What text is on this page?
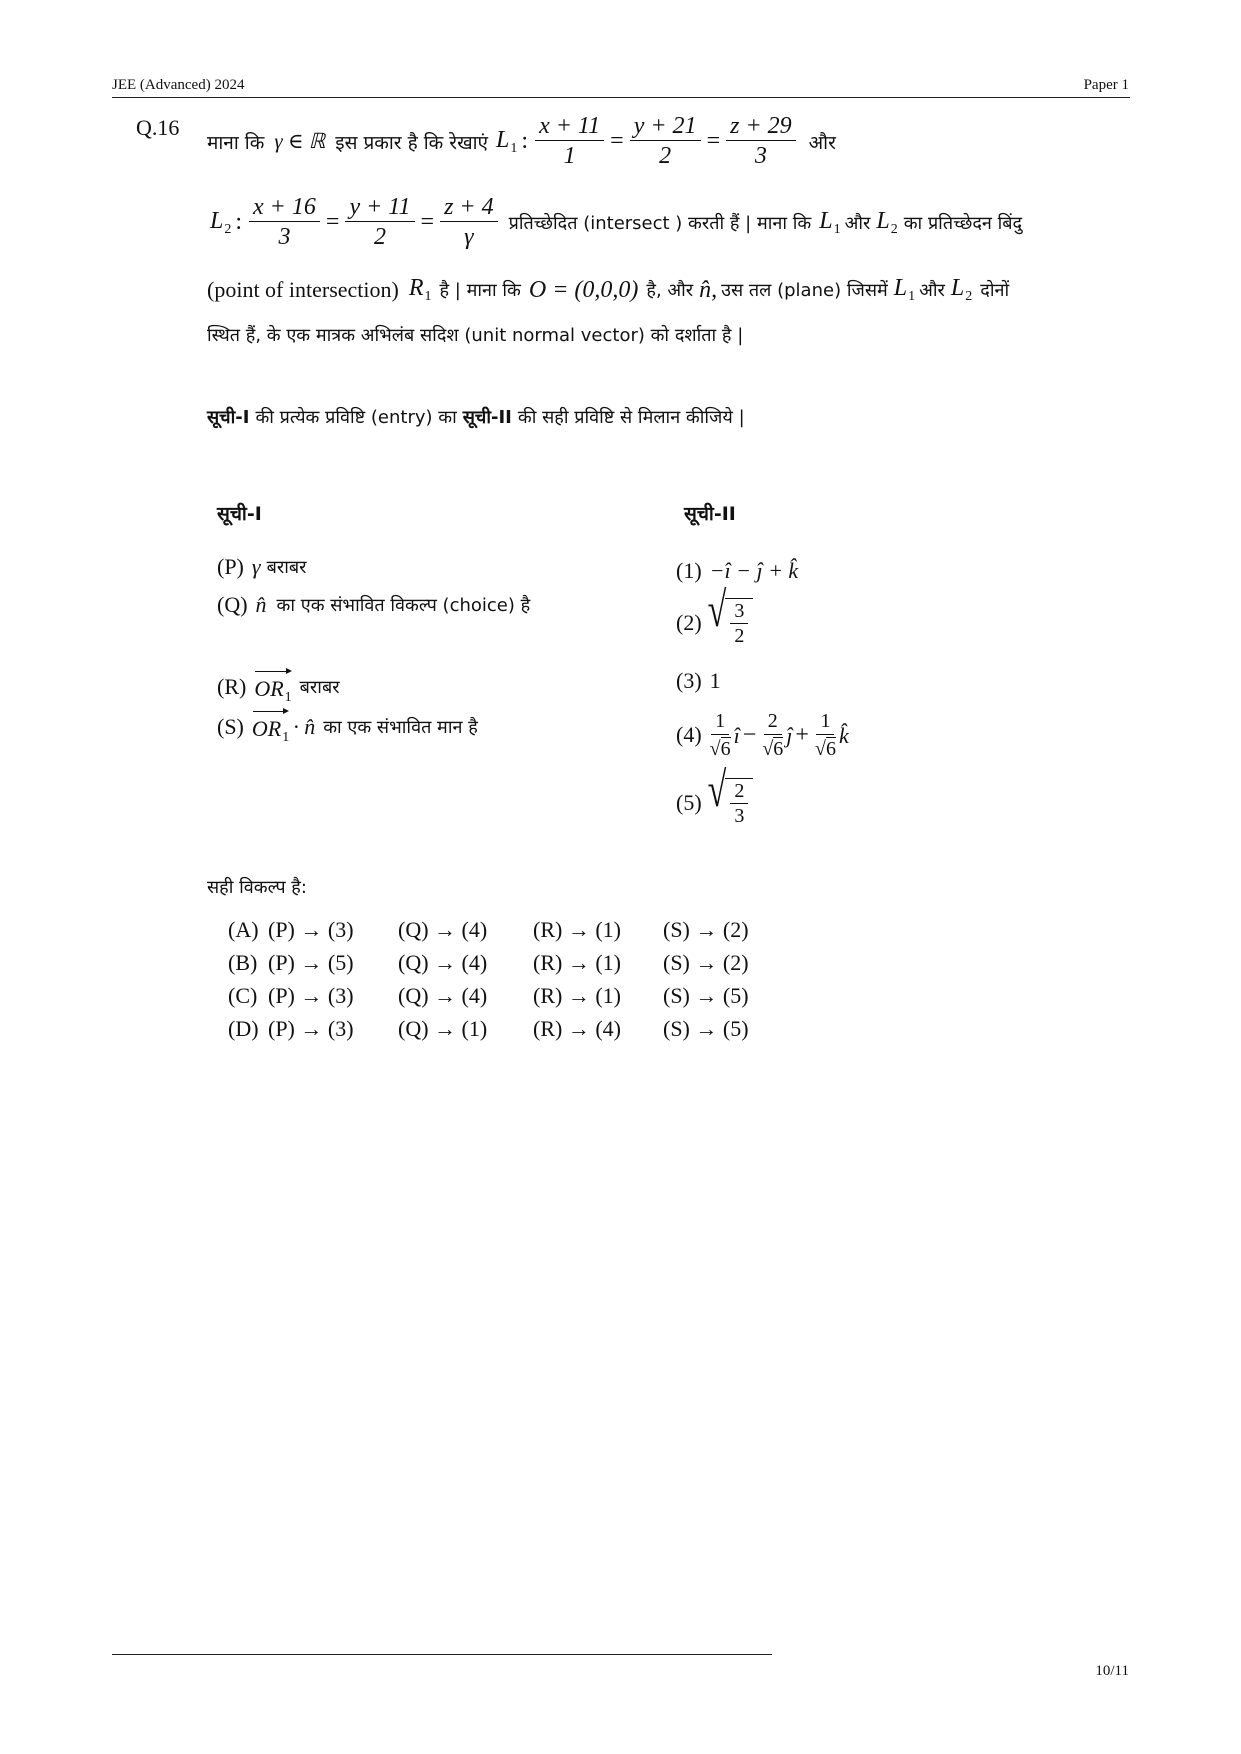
JEE (Advanced) 2024	Paper 1
Q.16
माना कि γ ∈ ℝ इस प्रकार है कि रेखाएं $L_1$ : $\frac{x + 11}{1} = \frac{y + 21}{2} = \frac{z + 29}{3}$ और
$L_2$ : $\frac{x + 16}{3} = \frac{y + 11}{2} = \frac{z + 4}{\gamma}$ प्रतिच्छेदित (intersect ) करती हैं | माना कि $L_1$ और $L_2$ का प्रतिच्छेदन बिंदु
(point of intersection) $R_1$ है | माना कि O = (0,0,0) है, और n̂, उस तल (plane) जिसमें $L_1$ और $L_2$ दोनों
स्थित हैं, के एक मात्रक अभिलंब सदिश (unit normal vector) को दर्शाता है |
सूची-I की प्रत्येक प्रविष्टि (entry) का सूची-II की सही प्रविष्टि से मिलान कीजिये |
सूची-I
(P) γ बराबर
(Q) n̂ का एक संभावित विकल्प (choice) है
(R) $OR_1$ बराबर
(S) $OR_1$ · n̂ का एक संभावित मान है
सूची-II
(1) −î − ĵ + k̂
(2) √ $\frac{3}{2}$
(3) 1
$(4) \frac{1}{√6}$ î − $\frac{2}{√6}$ ĵ + $\frac{1}{√6}$ k̂
(5) √ $\frac{2}{3}$
सही विकल्प है:
(A) (P) → (3) (Q) → (4) (R) → (1) (S) → (2)
(B) (P) → (5) (Q) → (4) (R) → (1) (S) → (2)
(C) (P) → (3) (Q) → (4) (R) → (1) (S) → (5)
(D) (P) → (3) (Q) → (1) (R) → (4) (S) → (5)
10/11
